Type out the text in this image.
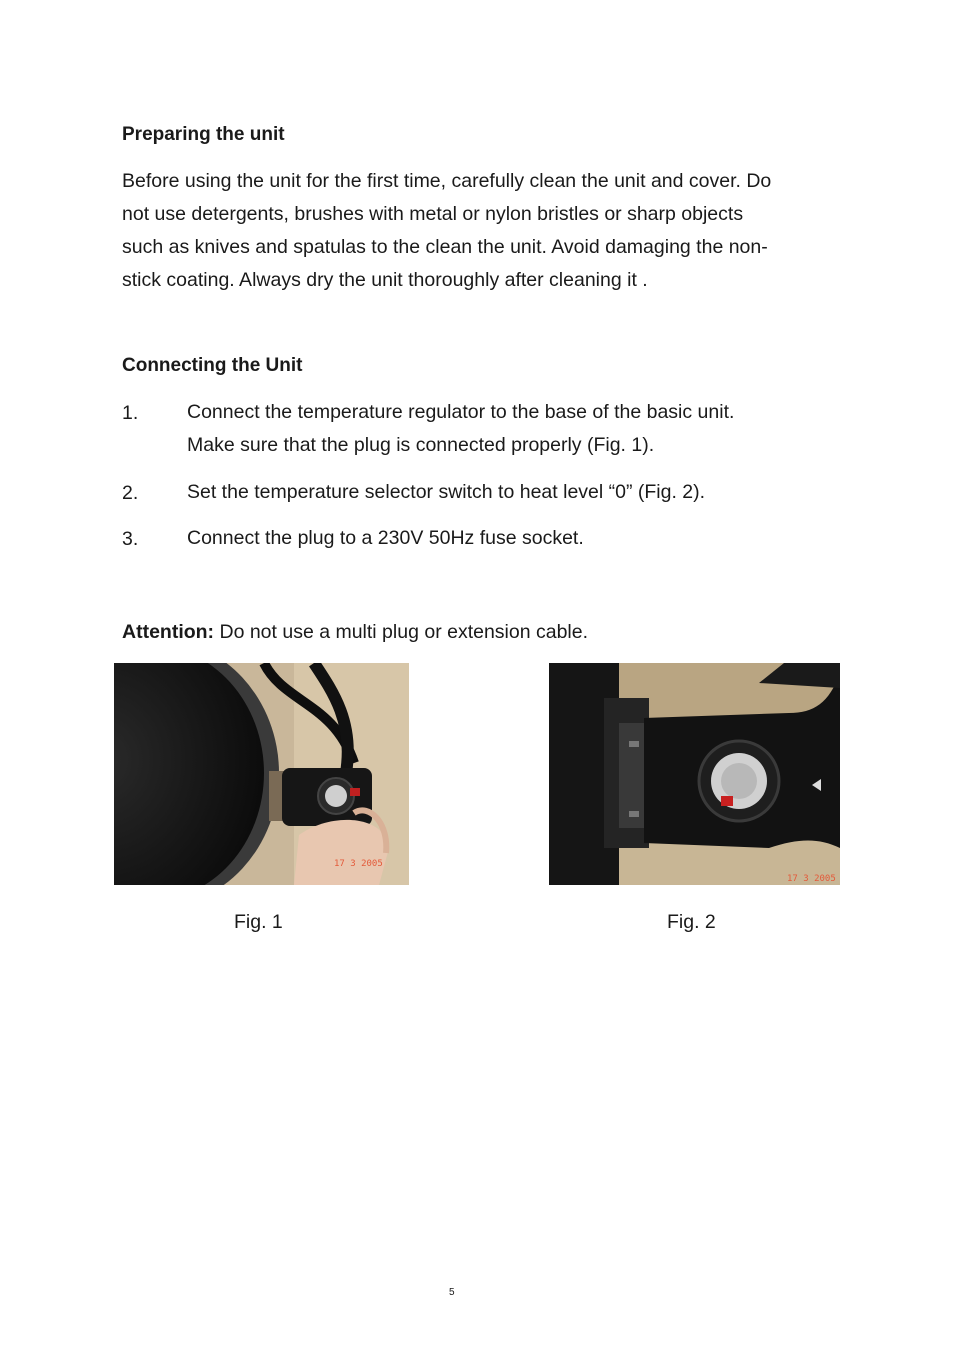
Preparing the unit
Before using the unit for the first time, carefully clean the unit and cover. Do
not use detergents, brushes with metal or nylon bristles or sharp objects
such as knives and spatulas to the clean the unit. Avoid damaging the non-
stick coating. Always dry the unit thoroughly after cleaning it .
Connecting the Unit
1. Connect the temperature regulator to the base of the basic unit.
Make sure that the plug is connected properly (Fig. 1).
2. Set the temperature selector switch to heat level “0” (Fig. 2).
3. Connect the plug to a 230V 50Hz fuse socket.
Attention: Do not use a multi plug or extension cable.
17 3 2005
17 3 2005
Fig. 1	Fig. 2
5
